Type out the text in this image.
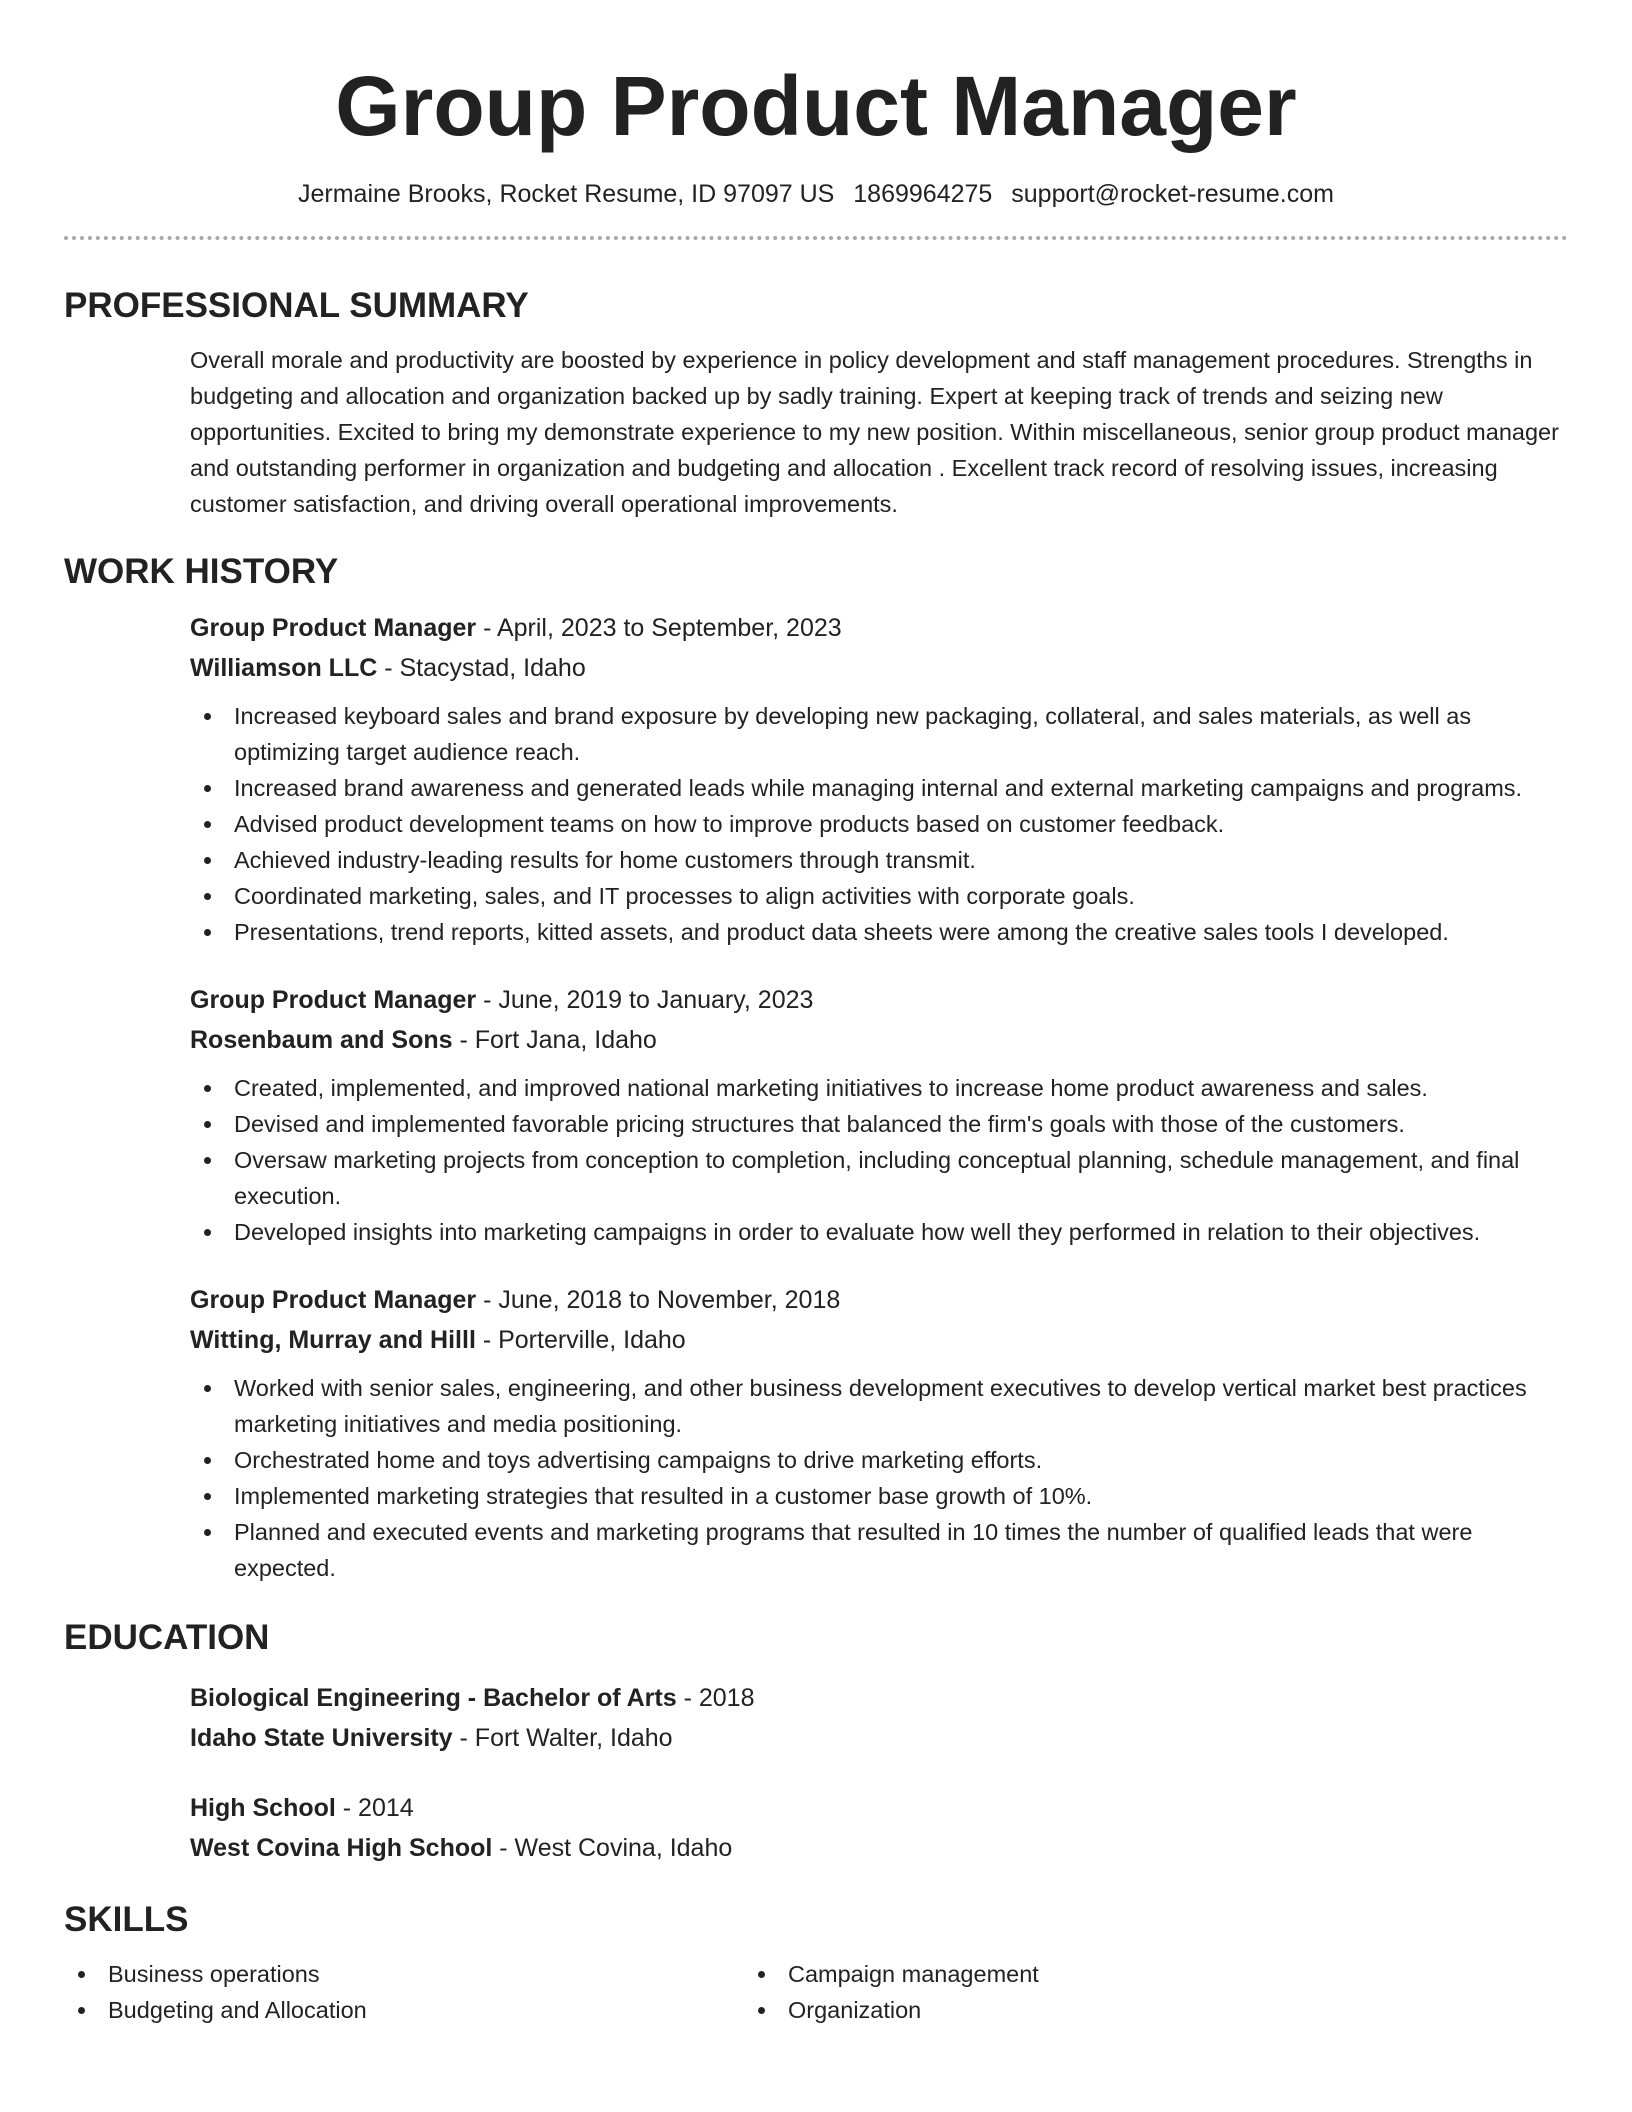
Group Product Manager
Jermaine Brooks, Rocket Resume, ID 97097 US 1869964275 support@rocket-resume.com
PROFESSIONAL SUMMARY
Overall morale and productivity are boosted by experience in policy development and staff management procedures. Strengths in budgeting and allocation and organization backed up by sadly training. Expert at keeping track of trends and seizing new opportunities. Excited to bring my demonstrate experience to my new position. Within miscellaneous, senior group product manager and outstanding performer in organization and budgeting and allocation . Excellent track record of resolving issues, increasing customer satisfaction, and driving overall operational improvements.
WORK HISTORY
Group Product Manager - April, 2023 to September, 2023
Williamson LLC - Stacystad, Idaho
Increased keyboard sales and brand exposure by developing new packaging, collateral, and sales materials, as well as optimizing target audience reach.
Increased brand awareness and generated leads while managing internal and external marketing campaigns and programs.
Advised product development teams on how to improve products based on customer feedback.
Achieved industry-leading results for home customers through transmit.
Coordinated marketing, sales, and IT processes to align activities with corporate goals.
Presentations, trend reports, kitted assets, and product data sheets were among the creative sales tools I developed.
Group Product Manager - June, 2019 to January, 2023
Rosenbaum and Sons - Fort Jana, Idaho
Created, implemented, and improved national marketing initiatives to increase home product awareness and sales.
Devised and implemented favorable pricing structures that balanced the firm's goals with those of the customers.
Oversaw marketing projects from conception to completion, including conceptual planning, schedule management, and final execution.
Developed insights into marketing campaigns in order to evaluate how well they performed in relation to their objectives.
Group Product Manager - June, 2018 to November, 2018
Witting, Murray and Hilll - Porterville, Idaho
Worked with senior sales, engineering, and other business development executives to develop vertical market best practices marketing initiatives and media positioning.
Orchestrated home and toys advertising campaigns to drive marketing efforts.
Implemented marketing strategies that resulted in a customer base growth of 10%.
Planned and executed events and marketing programs that resulted in 10 times the number of qualified leads that were expected.
EDUCATION
Biological Engineering - Bachelor of Arts - 2018
Idaho State University - Fort Walter, Idaho
High School - 2014
West Covina High School - West Covina, Idaho
SKILLS
Business operations	Campaign management
Budgeting and Allocation	Organization
